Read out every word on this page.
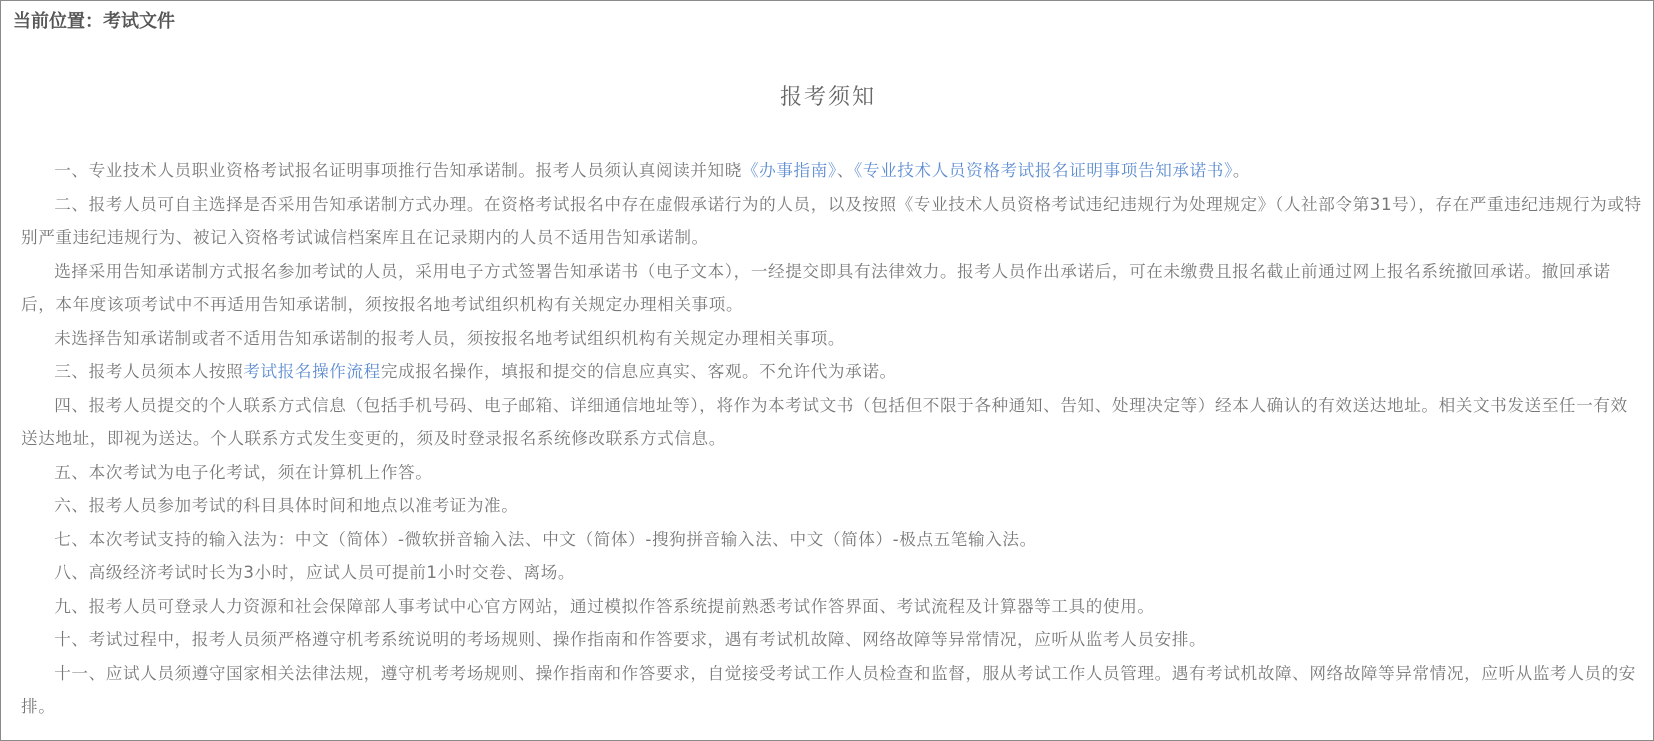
当前位置：考试文件
报考须知

一、专业技术人员职业资格考试报名证明事项推行告知承诺制。报考人员须认真阅读并知晓《办事指南》、《专业技术人员资格考试报名证明事项告知承诺书》。

二、报考人员可自主选择是否采用告知承诺制方式办理。在资格考试报名中存在虚假承诺行为的人员，以及按照《专业技术人员资格考试违纪违规行为处理规定》（人社部令第31号），存在严重违纪违规行为或特别严重违纪违规行为、被记入资格考试诚信档案库且在记录期内的人员不适用告知承诺制。

选择采用告知承诺制方式报名参加考试的人员，采用电子方式签署告知承诺书（电子文本），一经提交即具有法律效力。报考人员作出承诺后，可在未缴费且报名截止前通过网上报名系统撤回承诺。撤回承诺后，本年度该项考试中不再适用告知承诺制，须按报名地考试组织机构有关规定办理相关事项。

未选择告知承诺制或者不适用告知承诺制的报考人员，须按报名地考试组织机构有关规定办理相关事项。

三、报考人员须本人按照考试报名操作流程完成报名操作，填报和提交的信息应真实、客观。不允许代为承诺。

四、报考人员提交的个人联系方式信息（包括手机号码、电子邮箱、详细通信地址等），将作为本考试文书（包括但不限于各种通知、告知、处理决定等）经本人确认的有效送达地址。相关文书发送至任一有效送达地址，即视为送达。个人联系方式发生变更的，须及时登录报名系统修改联系方式信息。

五、本次考试为电子化考试，须在计算机上作答。

六、报考人员参加考试的科目具体时间和地点以准考证为准。

七、本次考试支持的输入法为：中文（简体）-微软拼音输入法、中文（简体）-搜狗拼音输入法、中文（简体）-极点五笔输入法。

八、高级经济考试时长为3小时，应试人员可提前1小时交卷、离场。

九、报考人员可登录人力资源和社会保障部人事考试中心官方网站，通过模拟作答系统提前熟悉考试作答界面、考试流程及计算器等工具的使用。

十、考试过程中，报考人员须严格遵守机考系统说明的考场规则、操作指南和作答要求，遇有考试机故障、网络故障等异常情况，应听从监考人员安排。

十一、应试人员须遵守国家相关法律法规，遵守机考考场规则、操作指南和作答要求，自觉接受考试工作人员检查和监督，服从考试工作人员管理。遇有考试机故障、网络故障等异常情况，应听从监考人员的安排。
